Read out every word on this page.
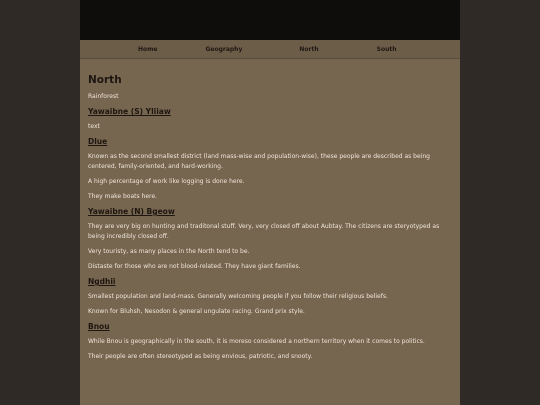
Home	Geography	North	South
North

Rainforest

Yawaibne (S) Yliiaw

text

Dlue

Known as the second smallest district (land mass-wise and population-wise), these people are described as being centered, family-oriented, and hard-working.

A high percentage of work like logging is done here.

They make boats here.

Yawaibne (N) Bgeow

They are very big on hunting and traditonal stuff. Very, very closed off about Aubtay. The citizens are steryotyped as being incredibly closed off.

Very touristy, as many places in the North tend to be.

Distaste for those who are not blood-related. They have giant families.

Ngdhii

Smallest population and land-mass. Generally welcoming people if you follow their religious beliefs.

Known for Bluhsh, Nesodon & general ungulate racing. Grand prix style.

Bnou

While Bnou is geographically in the south, it is moreso considered a northern territory when it comes to politics.

Their people are often stereotyped as being envious, patriotic, and snooty.
